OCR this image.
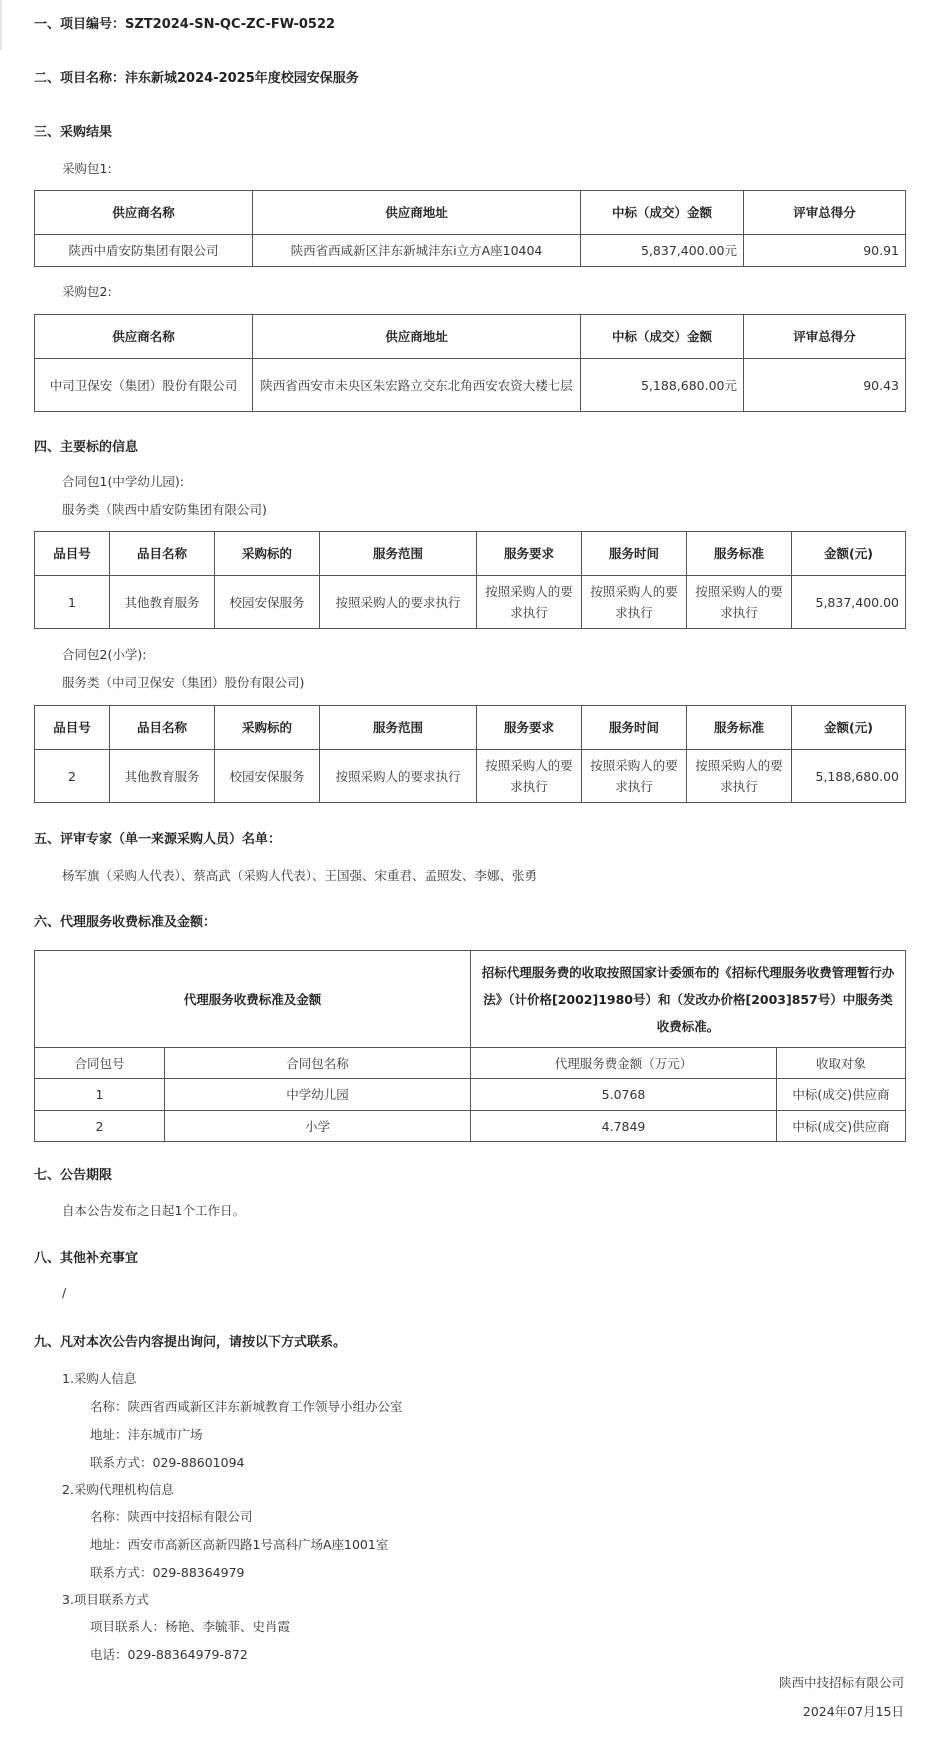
一、项目编号：SZT2024-SN-QC-ZC-FW-0522
二、项目名称：沣东新城2024-2025年度校园安保服务
三、采购结果
采购包1:
供应商名称	供应商地址	中标（成交）金额	评审总得分
陕西中盾安防集团有限公司	陕西省西咸新区沣东新城沣东i立方A座10404	5,837,400.00元	90.91
采购包2:
供应商名称	供应商地址	中标（成交）金额	评审总得分
中司卫保安（集团）股份有限公司	陕西省西安市未央区朱宏路立交东北角西安农资大楼七层	5,188,680.00元	90.43
四、主要标的信息
合同包1(中学幼儿园):
服务类（陕西中盾安防集团有限公司)
品目号	品目名称	采购标的	服务范围	服务要求	服务时间	服务标准	金额(元)
1	其他教育服务	校园安保服务	按照采购人的要求执行	按照采购人的要求执行	按照采购人的要求执行	按照采购人的要求执行	5,837,400.00
合同包2(小学):
服务类（中司卫保安（集团）股份有限公司)
品目号	品目名称	采购标的	服务范围	服务要求	服务时间	服务标准	金额(元)
2	其他教育服务	校园安保服务	按照采购人的要求执行	按照采购人的要求执行	按照采购人的要求执行	按照采购人的要求执行	5,188,680.00
五、评审专家（单一来源采购人员）名单：
杨军旗（采购人代表）、蔡高武（采购人代表）、王国强、宋重君、孟照发、李娜、张勇
六、代理服务收费标准及金额：
代理服务收费标准及金额		招标代理服务费的收取按照国家计委颁布的《招标代理服务收费管理暂行办法》（计价格[2002]1980号）和（发改办价格[2003]857号）中服务类收费标准。	
合同包号	合同包名称	代理服务费金额（万元）	收取对象
1	中学幼儿园	5.0768	中标(成交)供应商
2	小学	4.7849	中标(成交)供应商
七、公告期限
自本公告发布之日起1个工作日。
八、其他补充事宜
/
九、凡对本次公告内容提出询问，请按以下方式联系。
1.采购人信息
名称：陕西省西咸新区沣东新城教育工作领导小组办公室
地址：沣东城市广场
联系方式：029-88601094
2.采购代理机构信息
名称：陕西中技招标有限公司
地址：西安市高新区高新四路1号高科广场A座1001室
联系方式：029-88364979
3.项目联系方式
项目联系人：杨艳、李毓菲、史肖霞
电话：029-88364979-872
陕西中技招标有限公司
2024年07月15日
